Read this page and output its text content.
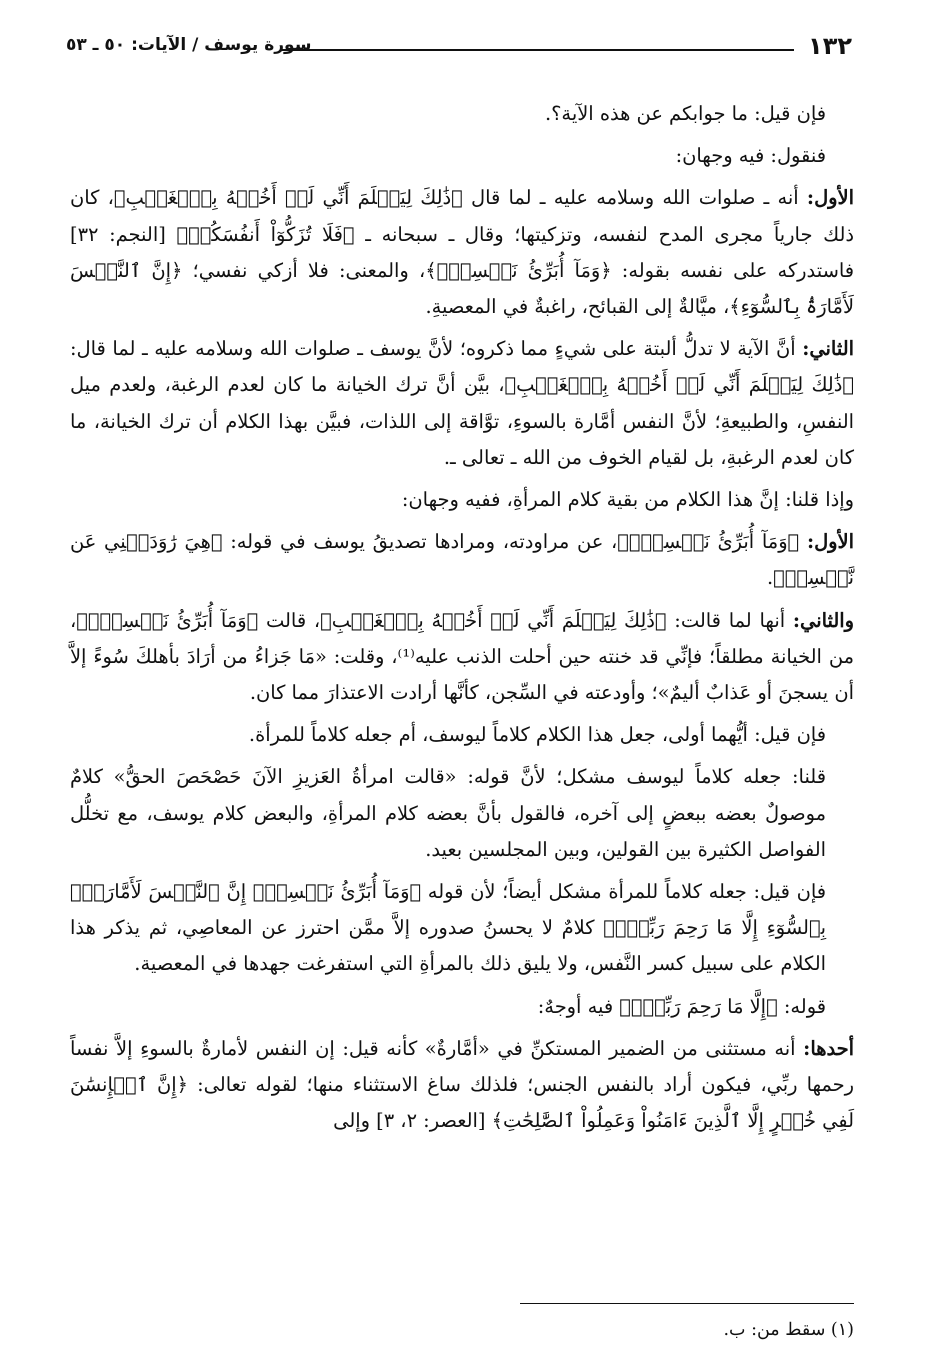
١٣٢
سورة يوسف / الآيات: ٥٠ ـ ٥٣

فإن قيل: ما جوابكم عن هذه الآية؟.

فنقول: فيه وجهان:

الأول: أنه ـ صلوات الله وسلامه عليه ـ لما قال ﴿ذَٰلِكَ لِيَعۡلَمَ أَنِّي لَمۡ أَخُنۡهُ بِٱلۡغَيۡبِ﴾، كان ذلك جارياً مجرى المدح لنفسه، وتزكيتها؛ وقال ـ سبحانه ـ ﴿فَلَا تُزَكُّوٓاْ أَنفُسَكُمۡ﴾ [النجم: ٣٢] فاستدركه على نفسه بقوله: ﴿وَمَآ أُبَرِّئُ نَفۡسِيٓۚ﴾، والمعنى: فلا أزكي نفسي؛ ﴿إِنَّ ٱلنَّفۡسَ لَأَمَّارَةُۢ بِٱلسُّوٓءِ﴾، ميَّالةٌ إلى القبائح، راغبةٌ في المعصيةِ.

الثاني: أنَّ الآية لا تدلُّ ألبتة على شيءٍ مما ذكروه؛ لأنَّ يوسف ـ صلوات الله وسلامه عليه ـ لما قال: ﴿ذَٰلِكَ لِيَعۡلَمَ أَنِّي لَمۡ أَخُنۡهُ بِٱلۡغَيۡبِ﴾، بيَّن أنَّ ترك الخيانة ما كان لعدم الرغبة، ولعدم ميل النفسِ، والطبيعةِ؛ لأنَّ النفس أمَّارة بالسوءِ، توَّاقة إلى اللذات، فبيَّن بهذا الكلام أن ترك الخيانة، ما كان لعدم الرغبةِ، بل لقيام الخوف من الله ـ تعالى ـ.

وإذا قلنا: إنَّ هذا الكلام من بقية كلام المرأةِ، ففيه وجهان:

الأول: ﴿وَمَآ أُبَرِّئُ نَفۡسِيٓۚ﴾، عن مراودته، ومرادها تصديقُ يوسف في قوله: ﴿هِيَ رَٰوَدَتۡنِي عَن نَّفۡسِيۚ﴾.

والثاني: أنها لما قالت: ﴿ذَٰلِكَ لِيَعۡلَمَ أَنِّي لَمۡ أَخُنۡهُ بِٱلۡغَيۡبِ﴾، قالت ﴿وَمَآ أُبَرِّئُ نَفۡسِيٓۚ﴾، من الخيانة مطلقاً؛ فإنِّي قد خنته حين أحلت الذنب عليه⁽¹⁾، وقلت: «مَا جَزاءُ من أرَادَ بأهلكَ سُوءً إلاَّ أن يسجنَ أو عَذابٌ أليمٌ»؛ وأودعته في السِّجن، كأنَّها أرادت الاعتذارَ مما كان.

فإن قيل: أيُّهما أولى، جعل هذا الكلام كلاماً ليوسف، أم جعله كلاماً للمرأة.

قلنا: جعله كلاماً ليوسف مشكل؛ لأنَّ قوله: «قالت امرأةُ العَزيزِ الآنَ حَصْحَصَ الحقُّ» كلامٌ موصولٌ بعضه ببعضٍ إلى آخره، فالقول بأنَّ بعضه كلام المرأةِ، والبعض كلام يوسف، مع تخلُّل الفواصل الكثيرة بين القولين، وبين المجلسين بعيد.

فإن قيل: جعله كلاماً للمرأة مشكل أيضاً؛ لأن قوله ﴿وَمَآ أُبَرِّئُ نَفۡسِيٓۚ إِنَّ ٱلنَّفۡسَ لَأَمَّارَةُۢ بِٱلسُّوٓءِ إِلَّا مَا رَحِمَ رَبِّيٓۚ﴾ كلامٌ لا يحسنُ صدوره إلاَّ ممَّن احترز عن المعاصِي، ثم يذكر هذا الكلام على سبيل كسر النَّفس، ولا يليق ذلك بالمرأةِ التي استفرغت جهدها في المعصية.

قوله: ﴿إِلَّا مَا رَحِمَ رَبِّيٓۚ﴾ فيه أوجهٌ:

أحدها: أنه مستثنى من الضمير المستكنِّ في «أمَّارةٌ» كأنه قيل: إن النفس لأمارةٌ بالسوءِ إلاَّ نفساً رحمها ربِّي، فيكون أراد بالنفس الجنس؛ فلذلك ساغ الاستثناء منها؛ لقوله تعالى: ﴿إِنَّ ٱلۡإِنسَٰنَ لَفِي خُسۡرٍ إِلَّا ٱلَّذِينَ ءَامَنُواْ وَعَمِلُواْ ٱلصَّٰلِحَٰتِ﴾ [العصر: ٢، ٣] وإلى

(١) سقط من: ب.
